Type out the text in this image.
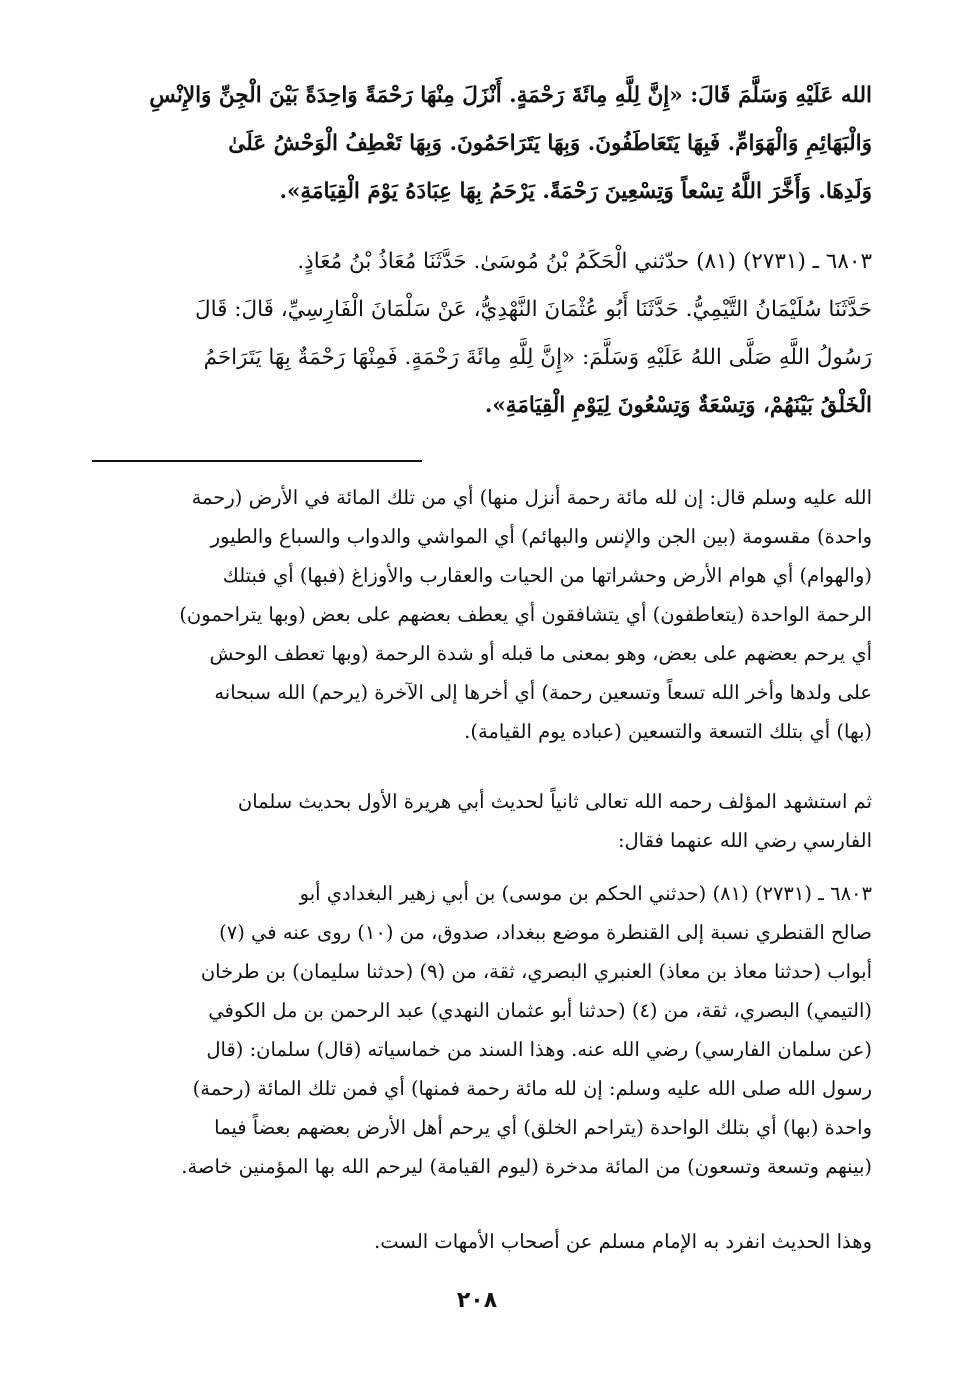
الله عَلَيْهِ وَسَلَّمَ قَالَ: «إِنَّ لِلَّهِ مِائَةَ رَحْمَةٍ. أَنْزَلَ مِنْهَا رَحْمَةً وَاحِدَةً بَيْنَ الْجِنِّ وَالإِنْسِ
وَالْبَهَائِمِ وَالْهَوَامِّ. فَبِهَا يَتَعَاطَفُونَ. وَبِهَا يَتَرَاحَمُونَ. وَبِهَا تَعْطِفُ الْوَحْشُ عَلَىٰ
وَلَدِهَا. وَأَخَّرَ اللَّهُ تِسْعاً وَتِسْعِينَ رَحْمَةً. يَرْحَمُ بِهَا عِبَادَهُ يَوْمَ الْقِيَامَةِ».
٦٨٠٣ ـ (٢٧٣١) (٨١) حدّثني الْحَكَمُ بْنُ مُوسَىٰ. حَدَّثَنَا مُعَاذُ بْنُ مُعَاذٍ.
حَدَّثَنَا سُلَيْمَانُ التَّيْمِيُّ. حَدَّثَنَا أَبُو عُثْمَانَ النَّهْدِيُّ، عَنْ سَلْمَانَ الْفَارِسِيِّ، قَالَ: قَالَ
رَسُولُ اللَّهِ صَلَّى اللهُ عَلَيْهِ وَسَلَّمَ: «إِنَّ لِلَّهِ مِائَةَ رَحْمَةٍ. فَمِنْهَا رَحْمَةٌ بِهَا يَتَرَاحَمُ
الْخَلْقُ بَيْنَهُمْ، وَتِسْعَةٌ وَتِسْعُونَ لِيَوْمِ الْقِيَامَةِ».
الله عليه وسلم قال: إن لله مائة رحمة أنزل منها) أي من تلك المائة في الأرض (رحمة
واحدة) مقسومة (بين الجن والإنس والبهائم) أي المواشي والدواب والسباع والطيور
(والهوام) أي هوام الأرض وحشراتها من الحيات والعقارب والأوزاغ (فبها) أي فبتلك
الرحمة الواحدة (يتعاطفون) أي يتشافقون أي يعطف بعضهم على بعض (وبها يتراحمون)
أي يرحم بعضهم على بعض، وهو بمعنى ما قبله أو شدة الرحمة (وبها تعطف الوحش
على ولدها وأخر الله تسعاً وتسعين رحمة) أي أخرها إلى الآخرة (يرحم) الله سبحانه
(بها) أي بتلك التسعة والتسعين (عباده يوم القيامة).
ثم استشهد المؤلف رحمه الله تعالى ثانياً لحديث أبي هريرة الأول بحديث سلمان
الفارسي رضي الله عنهما فقال:
٦٨٠٣ ـ (٢٧٣١) (٨١) (حدثني الحكم بن موسى) بن أبي زهير البغدادي أبو
صالح القنطري نسبة إلى القنطرة موضع ببغداد، صدوق، من (١٠) روى عنه في (٧)
أبواب (حدثنا معاذ بن معاذ) العنبري البصري، ثقة، من (٩) (حدثنا سليمان) بن طرخان
(التيمي) البصري، ثقة، من (٤) (حدثنا أبو عثمان النهدي) عبد الرحمن بن مل الكوفي
(عن سلمان الفارسي) رضي الله عنه. وهذا السند من خماسياته (قال) سلمان: (قال
رسول الله صلى الله عليه وسلم: إن لله مائة رحمة فمنها) أي فمن تلك المائة (رحمة)
واحدة (بها) أي بتلك الواحدة (يتراحم الخلق) أي يرحم أهل الأرض بعضهم بعضاً فيما
(بينهم وتسعة وتسعون) من المائة مدخرة (ليوم القيامة) ليرحم الله بها المؤمنين خاصة.
وهذا الحديث انفرد به الإمام مسلم عن أصحاب الأمهات الست.
٢٠٨
